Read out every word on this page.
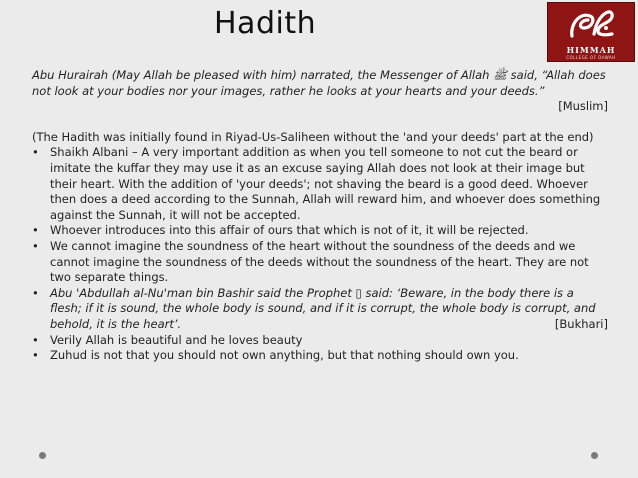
Hadith
HIMMAH
COLLEGE OF DAWAH
Abu Hurairah (May Allah be pleased with him) narrated, the Messenger of Allah ﷺ said, “Allah does not look at your bodies nor your images, rather he looks at your hearts and your deeds.”
[Muslim]
(The Hadith was initially found in Riyad-Us-Saliheen without the 'and your deeds' part at the end)
• Shaikh Albani – A very important addition as when you tell someone to not cut the beard or imitate the kuffar they may use it as an excuse saying Allah does not look at their image but their heart. With the addition of 'your deeds'; not shaving the beard is a good deed. Whoever then does a deed according to the Sunnah, Allah will reward him, and whoever does something against the Sunnah, it will not be accepted.
• Whoever introduces into this affair of ours that which is not of it, it will be rejected.
• We cannot imagine the soundness of the heart without the soundness of the deeds and we cannot imagine the soundness of the deeds without the soundness of the heart. They are not two separate things.
• Abu 'Abdullah al-Nu'man bin Bashir said the Prophet ▯ said: ‘Beware, in the body there is a flesh; if it is sound, the whole body is sound, and if it is corrupt, the whole body is corrupt, and behold, it is the heart’.	[Bukhari]
• Verily Allah is beautiful and he loves beauty
• Zuhud is not that you should not own anything, but that nothing should own you.
